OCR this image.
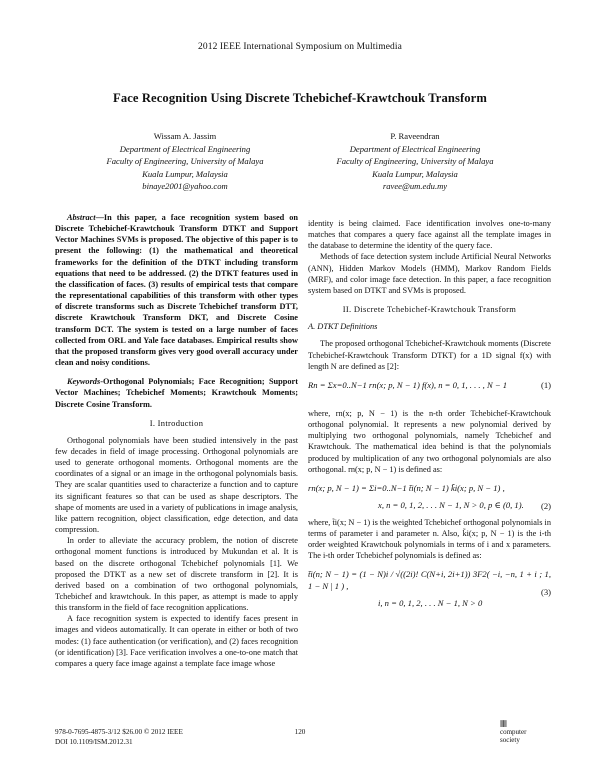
2012 IEEE International Symposium on Multimedia
Face Recognition Using Discrete Tchebichef-Krawtchouk Transform
Wissam A. Jassim
Department of Electrical Engineering
Faculty of Engineering, University of Malaya
Kuala Lumpur, Malaysia
binaye2001@yahoo.com
P. Raveendran
Department of Electrical Engineering
Faculty of Engineering, University of Malaya
Kuala Lumpur, Malaysia
ravee@um.edu.my

Abstract—In this paper, a face recognition system based on Discrete Tchebichef-Krawtchouk Transform DTKT and Support Vector Machines SVMs is proposed. The objective of this paper is to present the following: (1) the mathematical and theoretical frameworks for the definition of the DTKT including transform equations that need to be addressed. (2) the DTKT features used in the classification of faces. (3) results of empirical tests that compare the representational capabilities of this transform with other types of discrete transforms such as Discrete Tchebichef transform DTT, discrete Krawtchouk Transform DKT, and Discrete Cosine transform DCT. The system is tested on a large number of faces collected from ORL and Yale face databases. Empirical results show that the proposed transform gives very good overall accuracy under clean and noisy conditions.

Keywords-Orthogonal Polynomials; Face Recognition; Support Vector Machines; Tchebichef Moments; Krawtchouk Moments; Discrete Cosine Transform.

I. Introduction

Orthogonal polynomials have been studied intensively in the past few decades in field of image processing. Orthogonal polynomials are used to generate orthogonal moments. Orthogonal moments are the coordinates of a signal or an image in the orthogonal polynomials basis. They are scalar quantities used to characterize a function and to capture its significant features so that can be used as shape descriptors. The shape of moments are used in a variety of publications in image analysis, like pattern recognition, object classification, edge detection, and data compression.

In order to alleviate the accuracy problem, the notion of discrete orthogonal moment functions is introduced by Mukundan et al. It is based on the discrete orthogonal Tchebichef polynomials [1]. We proposed the DTKT as a new set of discrete transform in [2]. It is derived based on a combination of two orthogonal polynomials, Tchebichef and krawtchouk. In this paper, as attempt is made to apply this transform in the field of face recognition applications.

A face recognition system is expected to identify faces present in images and videos automatically. It can operate in either or both of two modes: (1) face authentication (or verification), and (2) faces recognition (or identification) [3]. Face verification involves a one-to-one match that compares a query face image against a template face image whose

identity is being claimed. Face identification involves one-to-many matches that compares a query face against all the template images in the database to determine the identity of the query face.

Methods of face detection system include Artificial Neural Networks (ANN), Hidden Markov Models (HMM), Markov Random Fields (MRF), and color image face detection. In this paper, a face recognition system based on DTKT and SVMs is proposed.

II. Discrete Tchebichef-Krawtchouk Transform
A. DTKT Definitions

The proposed orthogonal Tchebichef-Krawtchouk moments (Discrete Tchebichef-Krawtchouk Transform DTKT) for a 1D signal f(x) with length N are defined as [2]:

Rn = Σx=0..N−1 rn(x; p, N − 1) f(x), n = 0, 1, . . . , N − 1	(1)

where, rn(x; p, N − 1) is the n-th order Tchebichef-Krawtchouk orthogonal polynomial. It represents a new polynomial derived by multiplying two orthogonal polynomials, namely Tchebichef and Krawtchouk. The mathematical idea behind is that the polynomials produced by multiplication of any two orthogonal polynomials are also orthogonal. rn(x; p, N − 1) is defined as:

rn(x; p, N − 1) = Σi=0..N−1 t̃i(n; N − 1) k̃i(x; p, N − 1) ,
x, n = 0, 1, 2, . . . N − 1, N > 0, p ∈ (0, 1).	(2)

where, t̃i(x; N − 1) is the weighted Tchebichef orthogonal polynomials in terms of parameter i and parameter n. Also, k̃i(x; p, N − 1) is the i-th order weighted Krawtchouk polynomials in terms of i and x parameters. The i-th order Tchebichef polynomials is defined as:

t̃i(n; N − 1) = (1 − N)i / √((2i)! C(N+i, 2i+1)) 3F2( −i, −n, 1 + i ; 1, 1 − N | 1 ) ,
i, n = 0, 1, 2, . . . N − 1, N > 0
(3)
978-0-7695-4875-3/12 $26.00 © 2012 IEEE
DOI 10.1109/ISM.2012.31
120
⦀⦀
computer
society
